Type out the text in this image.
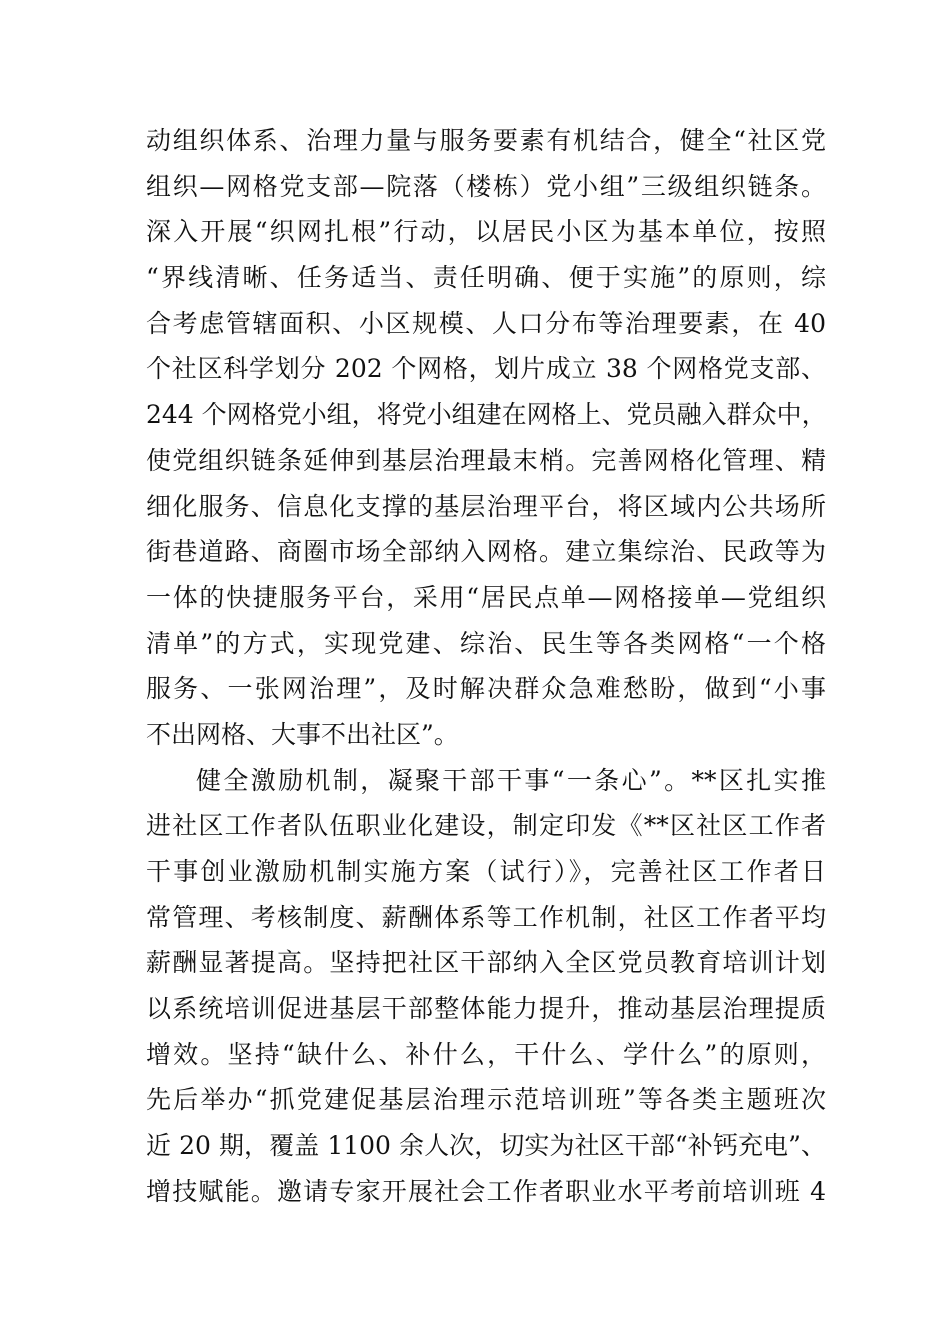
动组织体系、治理力量与服务要素有机结合，健全“社区党
组织—网格党支部—院落（楼栋）党小组”三级组织链条。
深入开展“织网扎根”行动，以居民小区为基本单位，按照
“界线清晰、任务适当、责任明确、便于实施”的原则，综
合考虑管辖面积、小区规模、人口分布等治理要素，在 40
个社区科学划分 202 个网格，划片成立 38 个网格党支部、
244 个网格党小组，将党小组建在网格上、党员融入群众中，
使党组织链条延伸到基层治理最末梢。完善网格化管理、精
细化服务、信息化支撑的基层治理平台，将区域内公共场所
街巷道路、商圈市场全部纳入网格。建立集综治、民政等为
一体的快捷服务平台，采用“居民点单—网格接单—党组织
清单”的方式，实现党建、综治、民生等各类网格“一个格
服务、一张网治理”，及时解决群众急难愁盼，做到“小事
不出网格、大事不出社区”。
健全激励机制，凝聚干部干事“一条心”。**区扎实推
进社区工作者队伍职业化建设，制定印发《**区社区工作者
干事创业激励机制实施方案（试行）》，完善社区工作者日
常管理、考核制度、薪酬体系等工作机制，社区工作者平均
薪酬显著提高。坚持把社区干部纳入全区党员教育培训计划
以系统培训促进基层干部整体能力提升，推动基层治理提质
增效。坚持“缺什么、补什么，干什么、学什么”的原则，
先后举办“抓党建促基层治理示范培训班”等各类主题班次
近 20 期，覆盖 1100 余人次，切实为社区干部“补钙充电”、
增技赋能。邀请专家开展社会工作者职业水平考前培训班 4
